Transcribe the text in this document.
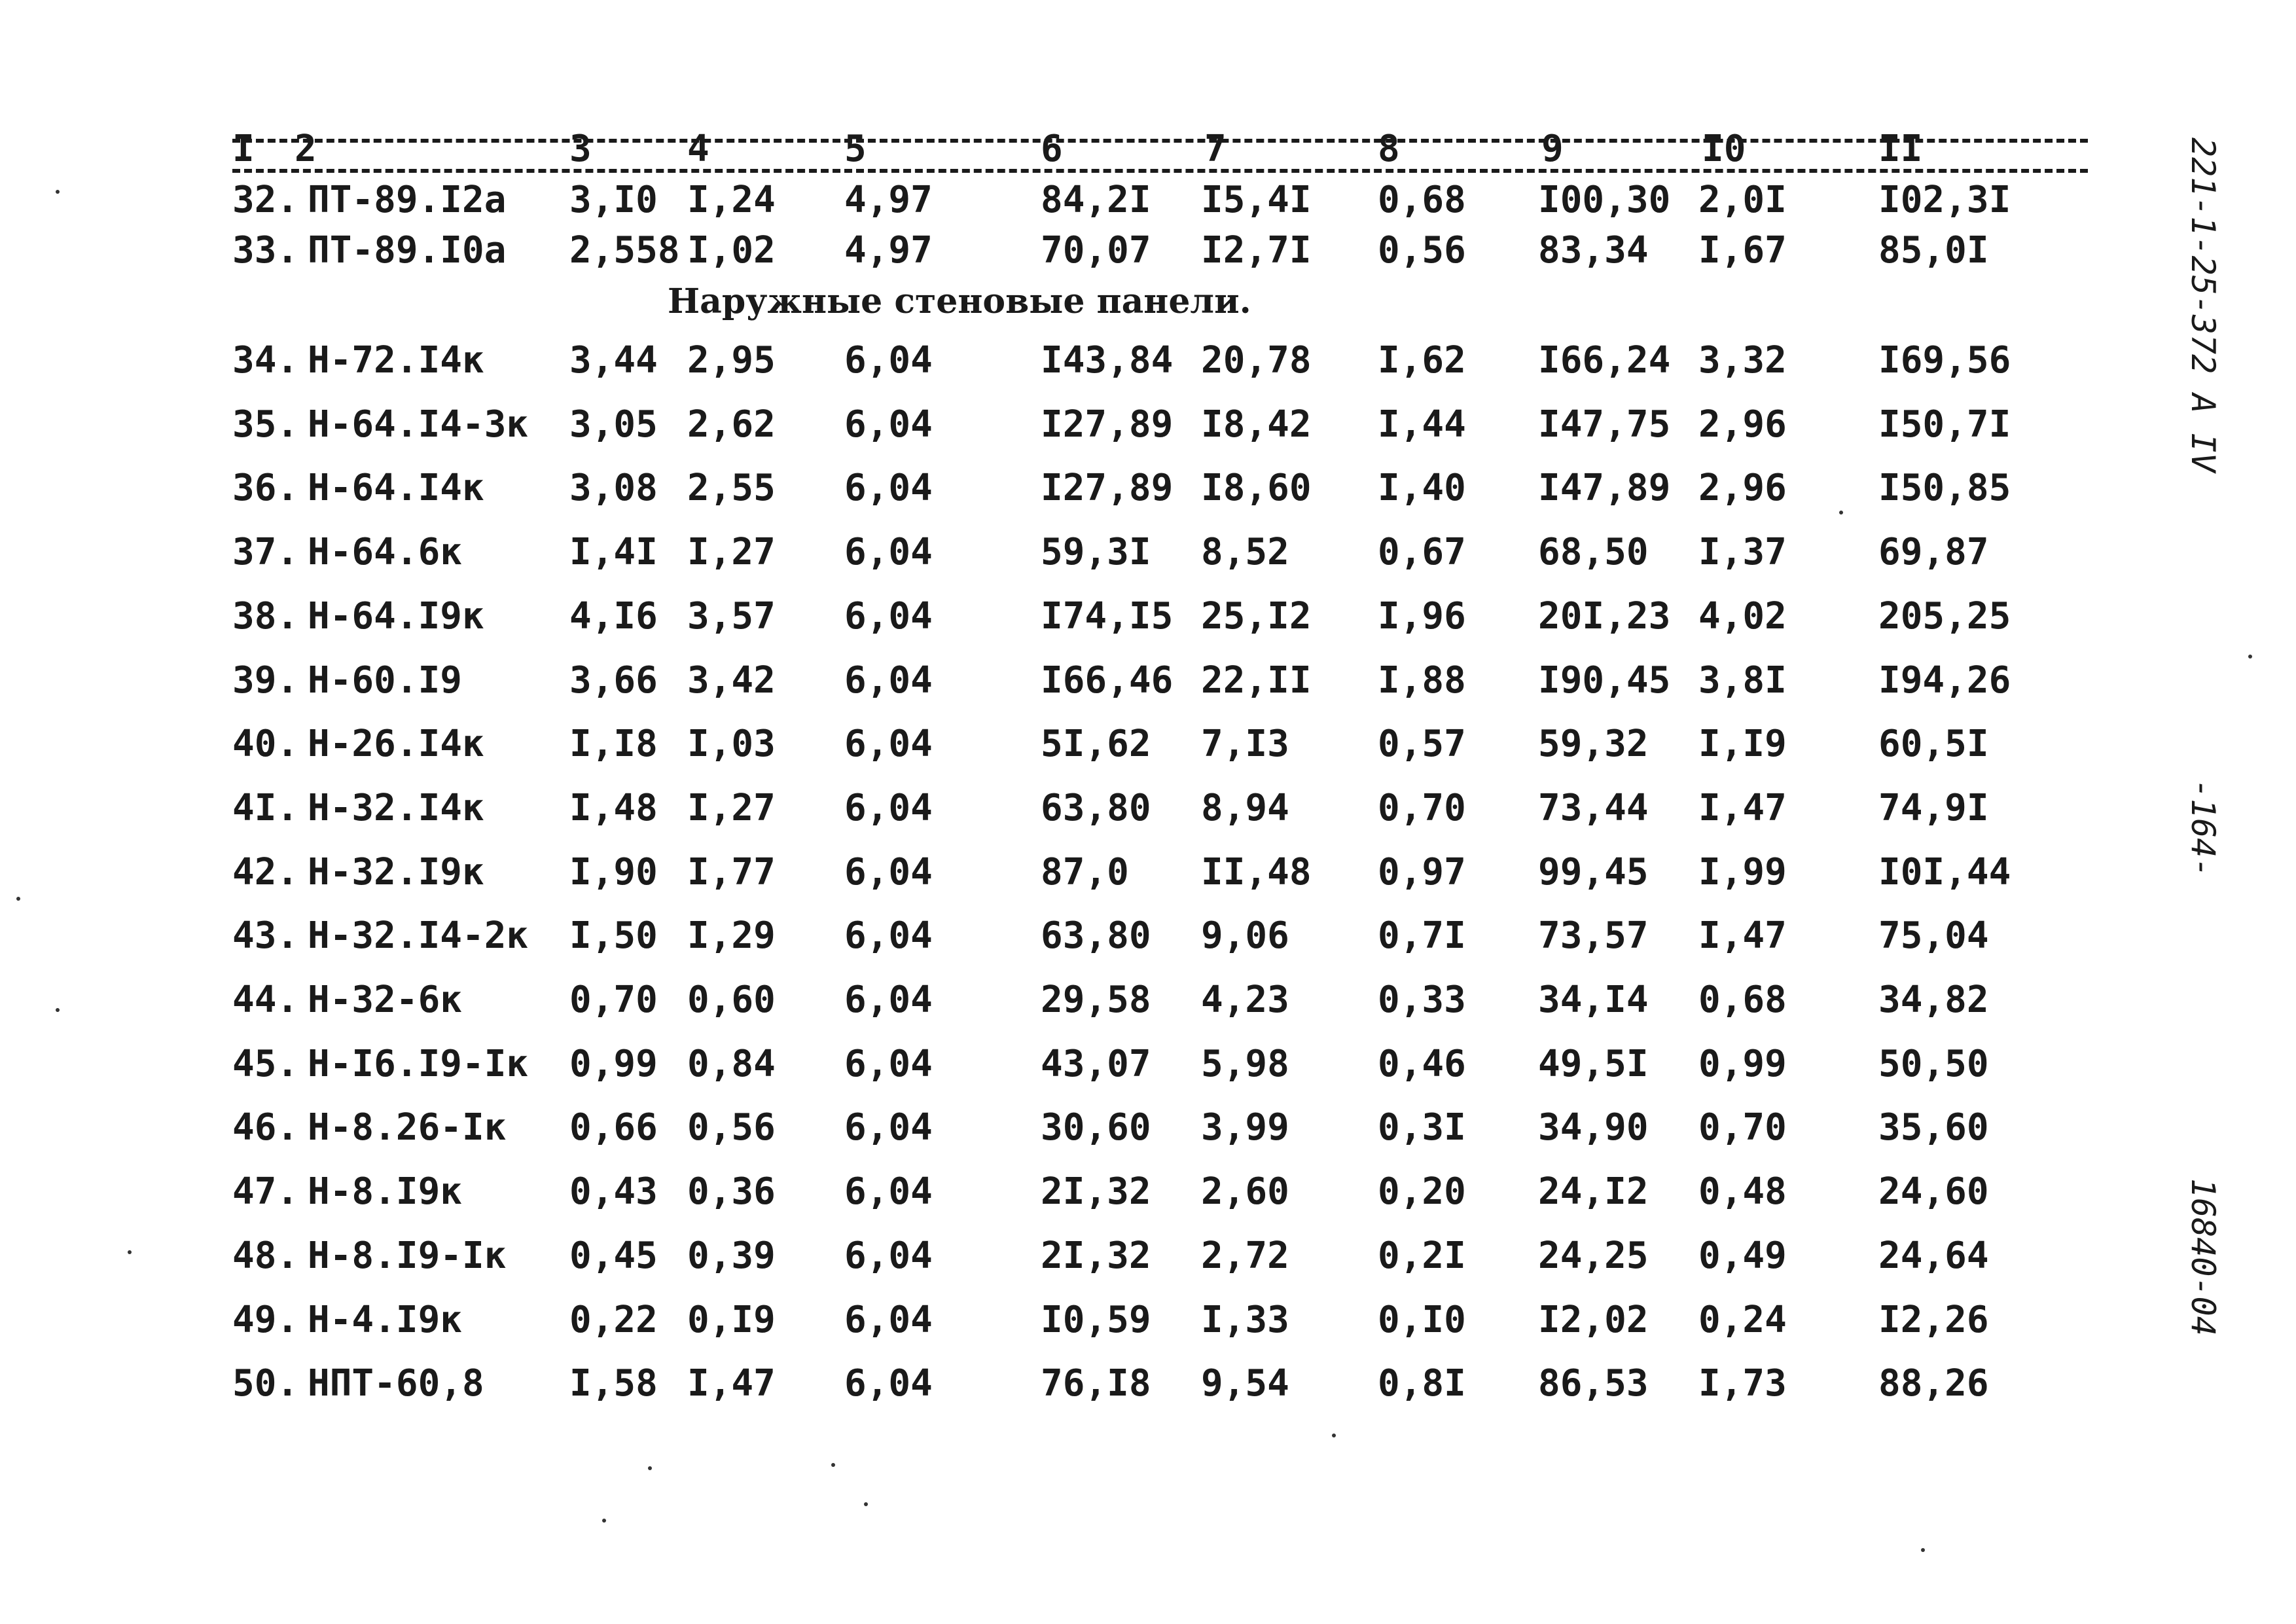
I 2	3	4	5	6	7	8	9	I0	II
32. ПТ-89.I2а 3,I0 I,24 4,97	84,2I I5,4I 0,68 I00,30 2,0I	I02,3I
33. ПТ-89.I0а 2,558 I,02 4,97	70,07 I2,7I 0,56 83,34 I,67	85,0I
Наружные стеновые панели.
34. Н-72.I4к 3,44 2,95 6,04	I43,84 20,78 I,62 I66,24 3,32	I69,56
35. Н-64.I4-3к 3,05 2,62 6,04	I27,89 I8,42 I,44 I47,75 2,96	I50,7I
36. Н-64.I4к 3,08 2,55 6,04	I27,89 I8,60 I,40 I47,89 2,96	I50,85
37. Н-64.6к	I,4I I,27 6,04	59,3I 8,52 0,67 68,50 I,37	69,87
38. Н-64.I9к 4,I6 3,57 6,04	I74,I5 25,I2 I,96 20I,23 4,02	205,25
39. Н-60.I9	3,66 3,42 6,04	I66,46 22,II I,88 I90,45 3,8I	I94,26
40. Н-26.I4к I,I8 I,03 6,04	5I,62 7,I3 0,57 59,32 I,I9	60,5I
4I. Н-32.I4к I,48 I,27 6,04	63,80 8,94 0,70 73,44 I,47	74,9I
42. Н-32.I9к I,90 I,77 6,04	87,0 II,48 0,97 99,45 I,99	I0I,44
43. Н-32.I4-2к I,50 I,29 6,04	63,80 9,06 0,7I 73,57 I,47	75,04
44. Н-32-6к	0,70 0,60 6,04	29,58 4,23 0,33 34,I4 0,68	34,82
45. Н-I6.I9-Iк 0,99 0,84 6,04	43,07 5,98 0,46 49,5I 0,99	50,50
46. Н-8.26-Iк 0,66 0,56 6,04	30,60 3,99 0,3I 34,90 0,70	35,60
47. Н-8.I9к	0,43 0,36 6,04	2I,32 2,60 0,20 24,I2 0,48	24,60
48. Н-8.I9-Iк 0,45 0,39 6,04	2I,32 2,72 0,2I 24,25 0,49	24,64
49. Н-4.I9к	0,22 0,I9 6,04	I0,59 I,33 0,I0 I2,02 0,24	I2,26
50. НПТ-60,8 I,58 I,47 6,04	76,I8 9,54 0,8I 86,53 I,73	88,26
221-1-25-372 А IV
-164-
16840-04
